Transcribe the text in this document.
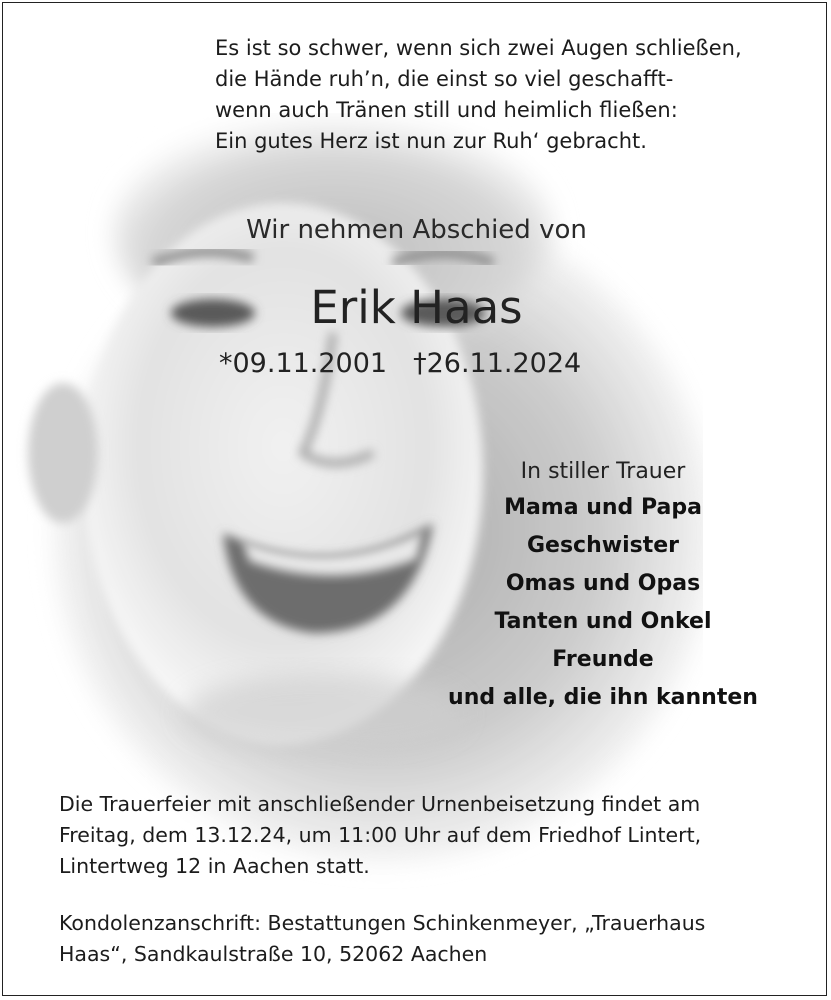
Es ist so schwer, wenn sich zwei Augen schließen,
die Hände ruh’n, die einst so viel geschafft-
wenn auch Tränen still und heimlich fließen:
Ein gutes Herz ist nun zur Ruh‘ gebracht.
Wir nehmen Abschied von
Erik Haas
*09.11.2001 †26.11.2024
In stiller Trauer
Mama und Papa
Geschwister
Omas und Opas
Tanten und Onkel
Freunde
und alle, die ihn kannten
Die Trauerfeier mit anschließender Urnenbeisetzung findet am
Freitag, dem 13.12.24, um 11:00 Uhr auf dem Friedhof Lintert,
Lintertweg 12 in Aachen statt.
Kondolenzanschrift: Bestattungen Schinkenmeyer, „Trauerhaus
Haas“, Sandkaulstraße 10, 52062 Aachen
